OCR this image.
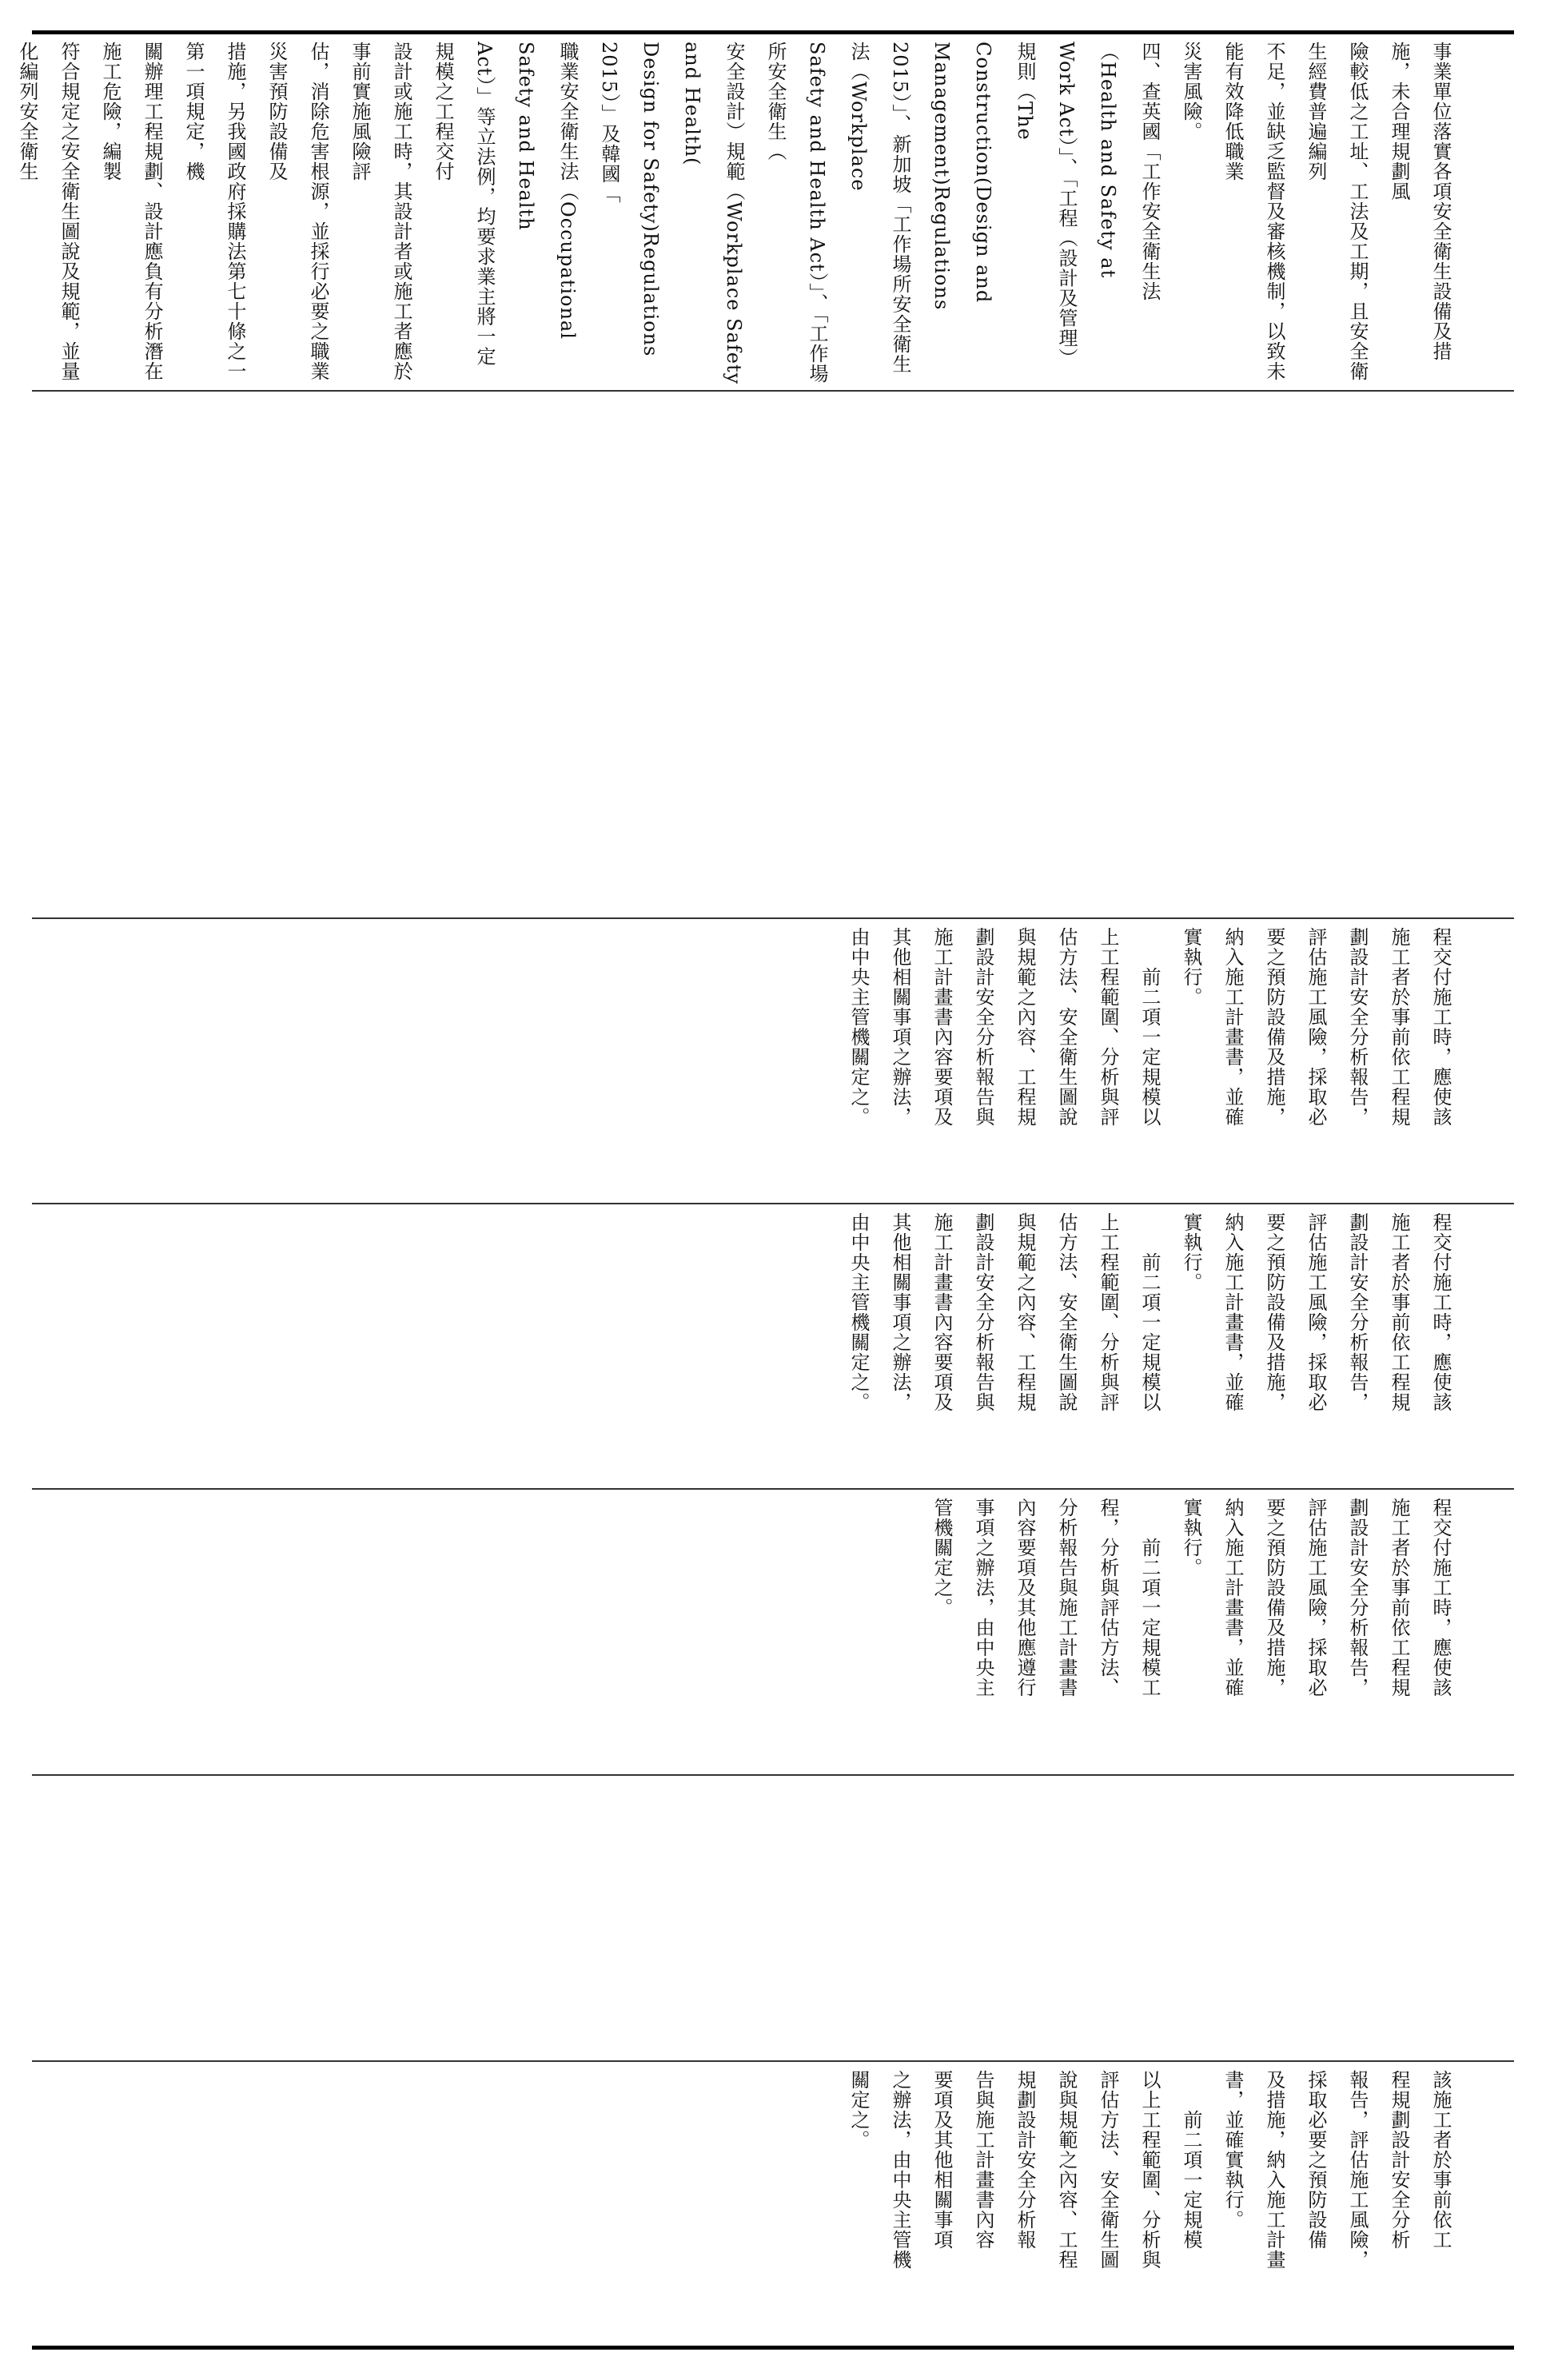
事業單位落實各項安全衛生設備及措施，未合理規劃風
險較低之工址、工法及工期，且安全衛生經費普遍編列
不足，並缺乏監督及審核機制，以致未能有效降低職業
災害風險。
四、查英國「工作安全衛生法（Health and Safety at
Work Act）」、「工程（設計及管理）規則（The
Construction(Design and Management)Regulations
2015）」、新加坡「工作場所安全衛生法（Workplace
Safety and Health Act）」、「工作場所安全衛生（
安全設計）規範（Workplace Safety and Health(
Design for Safety)Regulations 2015）」及韓國「
職業安全衛生法（Occupational Safety and Health
Act）」等立法例，均要求業主將一定規模之工程交付
設計或施工時，其設計者或施工者應於事前實施風險評
估，消除危害根源，並採行必要之職業災害預防設備及
措施，另我國政府採購法第七十條之一第一項規定，機
關辦理工程規劃、設計應負有分析潛在施工危險，編製
符合規定之安全衛生圖說及規範，並量化編列安全衛生

程交付施工時，應使該
施工者於事前依工程規
劃設計安全分析報告，
評估施工風險，採取必
要之預防設備及措施，
納入施工計畫書，並確
實執行。
　　前二項一定規模以
上工程範圍、分析與評
估方法、安全衛生圖說
與規範之內容、工程規
劃設計安全分析報告與
施工計畫書內容要項及
其他相關事項之辦法，
由中央主管機關定之。

程交付施工時，應使該
施工者於事前依工程規
劃設計安全分析報告，
評估施工風險，採取必
要之預防設備及措施，
納入施工計畫書，並確
實執行。
　　前二項一定規模以
上工程範圍、分析與評
估方法、安全衛生圖說
與規範之內容、工程規
劃設計安全分析報告與
施工計畫書內容要項及
其他相關事項之辦法，
由中央主管機關定之。

程交付施工時，應使該
施工者於事前依工程規
劃設計安全分析報告，
評估施工風險，採取必
要之預防設備及措施，
納入施工計畫書，並確
實執行。
　　前二項一定規模工
程，分析與評估方法、
分析報告與施工計畫書
內容要項及其他應遵行
事項之辦法，由中央主
管機關定之。

該施工者於事前依工
程規劃設計安全分析
報告，評估施工風險，
採取必要之預防設備
及措施，納入施工計畫
書，並確實執行。
　　前二項一定規模
以上工程範圍、分析與
評估方法、安全衛生圖
說與規範之內容、工程
規劃設計安全分析報
告與施工計畫書內容
要項及其他相關事項
之辦法，由中央主管機
關定之。
